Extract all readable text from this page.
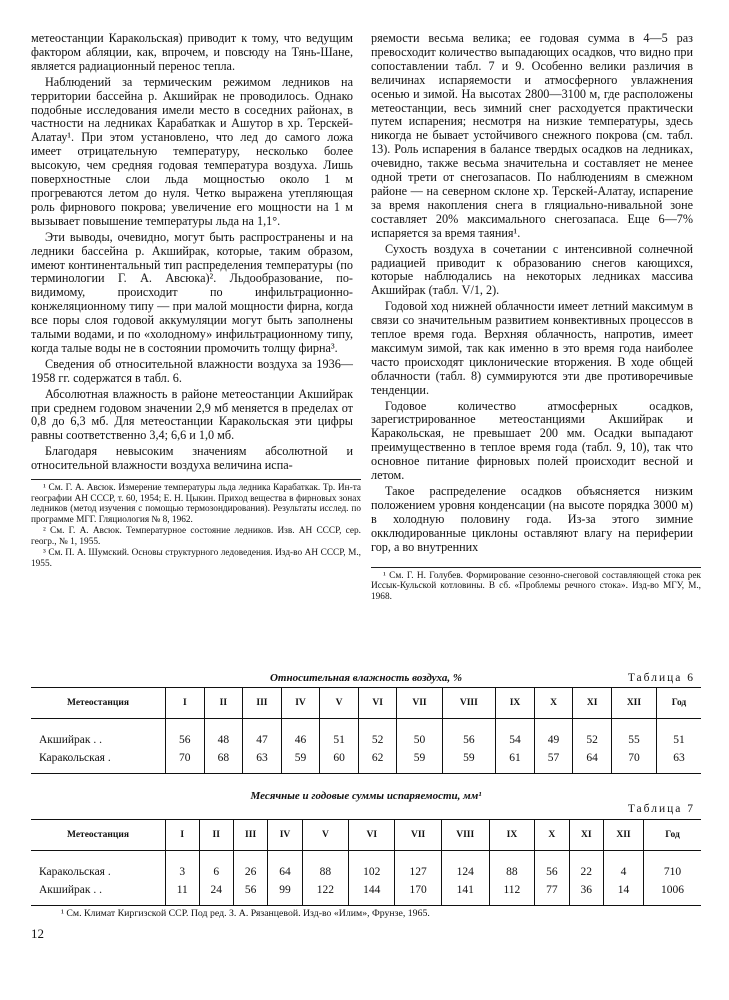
метеостанции Каракольская) приводит к тому, что ведущим фактором абляции, как, впрочем, и повсюду на Тянь-Шане, является радиационный перенос тепла.

Наблюдений за термическим режимом ледников на территории бассейна р. Акшийрак не проводилось. Однако подобные исследования имели место в соседних районах, в частности на ледниках Карабаткак и Ашутор в хр. Терскей-Алатау¹. При этом установлено, что лед до самого ложа имеет отрицательную температуру, несколько более высокую, чем средняя годовая температура воздуха. Лишь поверхностные слои льда мощностью около 1 м прогреваются летом до нуля. Четко выражена утепляющая роль фирнового покрова; увеличение его мощности на 1 м вызывает повышение температуры льда на 1,1°.

Эти выводы, очевидно, могут быть распространены и на ледники бассейна р. Акшийрак, которые, таким образом, имеют континентальный тип распределения температуры (по терминологии Г. А. Авсюка)². Льдообразование, по-видимому, происходит по инфильтрационно-конжеляционному типу — при малой мощности фирна, когда все поры слоя годовой аккумуляции могут быть заполнены талыми водами, и по «холодному» инфильтрационному типу, когда талые воды не в состоянии промочить толщу фирна³.

Сведения об относительной влажности воздуха за 1936—1958 гг. содержатся в табл. 6.

Абсолютная влажность в районе метеостанции Акшийрак при среднем годовом значении 2,9 мб меняется в пределах от 0,8 до 6,3 мб. Для метеостанции Каракольская эти цифры равны соответственно 3,4; 6,6 и 1,0 мб.

Благодаря невысоким значениям абсолютной и относительной влажности воздуха величина испа-

¹ См. Г. А. Авсюк. Измерение температуры льда ледника Карабаткак. Тр. Ин-та географии АН СССР, т. 60, 1954; Е. Н. Цыкин. Приход вещества в фирновых зонах ледников (метод изучения с помощью термозондирования). Результаты исслед. по программе МГГ. Гляциология № 8, 1962.

² См. Г. А. Авсюк. Температурное состояние ледников. Изв. АН СССР, сер. геогр., № 1, 1955.

³ См. П. А. Шумский. Основы структурного ледоведения. Изд-во АН СССР, М., 1955.

ряемости весьма велика; ее годовая сумма в 4—5 раз превосходит количество выпадающих осадков, что видно при сопоставлении табл. 7 и 9. Особенно велики различия в величинах испаряемости и атмосферного увлажнения осенью и зимой. На высотах 2800—3100 м, где расположены метеостанции, весь зимний снег расходуется практически путем испарения; несмотря на низкие температуры, здесь никогда не бывает устойчивого снежного покрова (см. табл. 13). Роль испарения в балансе твердых осадков на ледниках, очевидно, также весьма значительна и составляет не менее одной трети от снегозапасов. По наблюдениям в смежном районе — на северном склоне хр. Терскей-Алатау, испарение за время накопления снега в гляциально-нивальной зоне составляет 20% максимального снегозапаса. Еще 6—7% испаряется за время таяния¹.

Сухость воздуха в сочетании с интенсивной солнечной радиацией приводит к образованию снегов кающихся, которые наблюдались на некоторых ледниках массива Акшийрак (табл. V/1, 2).

Годовой ход нижней облачности имеет летний максимум в связи со значительным развитием конвективных процессов в теплое время года. Верхняя облачность, напротив, имеет максимум зимой, так как именно в это время года наиболее часто происходят циклонические вторжения. В ходе общей облачности (табл. 8) суммируются эти две противоречивые тенденции.

Годовое количество атмосферных осадков, зарегистрированное метеостанциями Акшийрак и Каракольская, не превышает 200 мм. Осадки выпадают преимущественно в теплое время года (табл. 9, 10), так что основное питание фирновых полей происходит весной и летом.

Такое распределение осадков объясняется низким положением уровня конденсации (на высоте порядка 3000 м) в холодную половину года. Из-за этого зимние окклюдированные циклоны оставляют влагу на периферии гор, а во внутренних

¹ См. Г. Н. Голубев. Формирование сезонно-снеговой составляющей стока рек Иссык-Кульской котловины. В сб. «Проблемы речного стока». Изд-во МГУ, М., 1968.

Относительная влажность воздуха, %	Таблица 6
Метеостанция	I	II	III	IV	V	VI	VII	VIII	IX	X	XI	XII	Год
Акшийрак . .	56	48	47	46	51	52	50	56	54	49	52	55	51
Каракольская .	70	68	63	59	60	62	59	59	61	57	64	70	63
Месячные и годовые суммы испаряемости, мм¹
Таблица 7
Метеостанция	I	II	III	IV	V	VI	VII	VIII	IX	X	XI	XII	Год
Каракольская .	3	6	26	64	88	102	127	124	88	56	22	4	710
Акшийрак . .	11	24	56	99	122	144	170	141	112	77	36	14	1006

¹ См. Климат Киргизской ССР. Под ред. З. А. Рязанцевой. Изд-во «Илим», Фрунзе, 1965.

12
